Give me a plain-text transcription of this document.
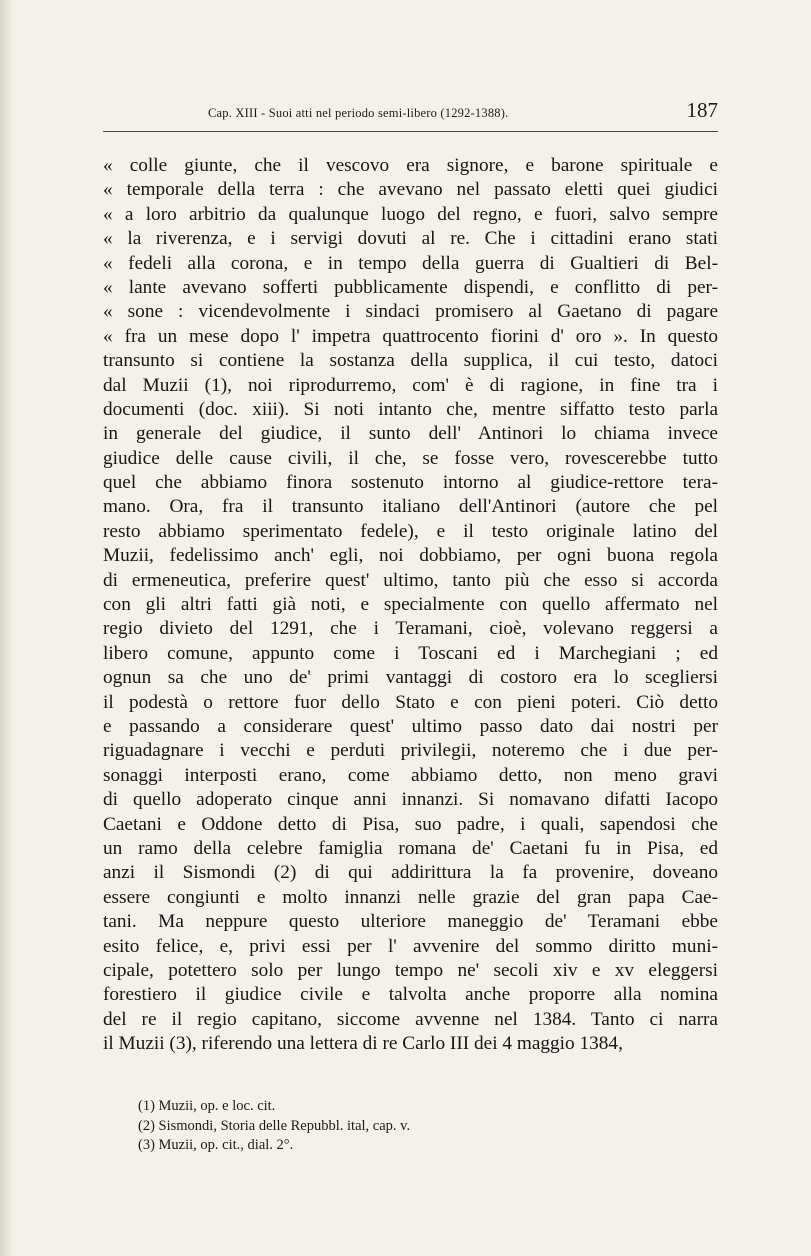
Cap. XIII - Suoi atti nel periodo semi-libero (1292-1388).	187
« colle giunte, che il vescovo era signore, e barone spirituale e
« temporale della terra : che avevano nel passato eletti quei giudici
« a loro arbitrio da qualunque luogo del regno, e fuori, salvo sempre
« la riverenza, e i servigi dovuti al re. Che i cittadini erano stati
« fedeli alla corona, e in tempo della guerra di Gualtieri di Bel-
« lante avevano sofferti pubblicamente dispendi, e conflitto di per-
« sone : vicendevolmente i sindaci promisero al Gaetano di pagare
« fra un mese dopo l' impetra quattrocento fiorini d' oro ». In questo
transunto si contiene la sostanza della supplica, il cui testo, datoci
dal Muzii (1), noi riprodurremo, com' è di ragione, in fine tra i
documenti (doc. xiii). Si noti intanto che, mentre siffatto testo parla
in generale del giudice, il sunto dell' Antinori lo chiama invece
giudice delle cause civili, il che, se fosse vero, rovescerebbe tutto
quel che abbiamo finora sostenuto intorno al giudice-rettore tera-
mano. Ora, fra il transunto italiano dell'Antinori (autore che pel
resto abbiamo sperimentato fedele), e il testo originale latino del
Muzii, fedelissimo anch' egli, noi dobbiamo, per ogni buona regola
di ermeneutica, preferire quest' ultimo, tanto più che esso si accorda
con gli altri fatti già noti, e specialmente con quello affermato nel
regio divieto del 1291, che i Teramani, cioè, volevano reggersi a
libero comune, appunto come i Toscani ed i Marchegiani ; ed
ognun sa che uno de' primi vantaggi di costoro era lo scegliersi
il podestà o rettore fuor dello Stato e con pieni poteri. Ciò detto
e passando a considerare quest' ultimo passo dato dai nostri per
riguadagnare i vecchi e perduti privilegii, noteremo che i due per-
sonaggi interposti erano, come abbiamo detto, non meno gravi
di quello adoperato cinque anni innanzi. Si nomavano difatti Iacopo
Caetani e Oddone detto di Pisa, suo padre, i quali, sapendosi che
un ramo della celebre famiglia romana de' Caetani fu in Pisa, ed
anzi il Sismondi (2) di qui addirittura la fa provenire, doveano
essere congiunti e molto innanzi nelle grazie del gran papa Cae-
tani. Ma neppure questo ulteriore maneggio de' Teramani ebbe
esito felice, e, privi essi per l' avvenire del sommo diritto muni-
cipale, potettero solo per lungo tempo ne' secoli xiv e xv eleggersi
forestiero il giudice civile e talvolta anche proporre alla nomina
del re il regio capitano, siccome avvenne nel 1384. Tanto ci narra
il Muzii (3), riferendo una lettera di re Carlo III dei 4 maggio 1384,
(1) Muzii, op. e loc. cit.
(2) Sismondi, Storia delle Repubbl. ital, cap. v.
(3) Muzii, op. cit., dial. 2°.
